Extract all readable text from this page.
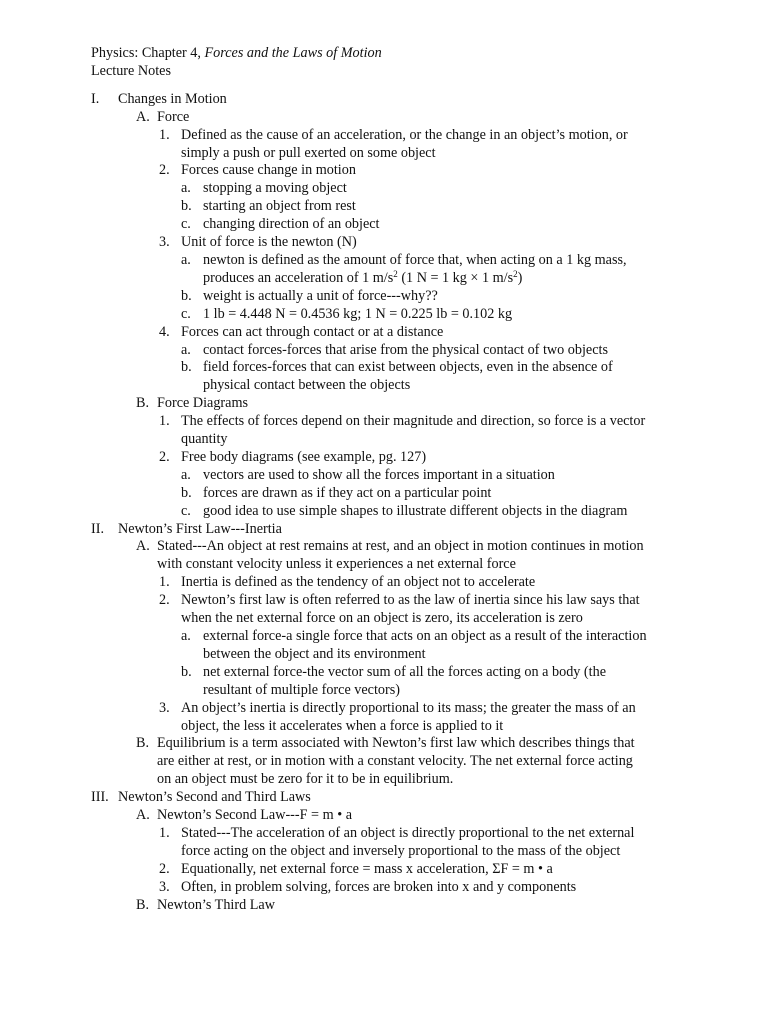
Physics: Chapter 4, Forces and the Laws of Motion
Lecture Notes
I. Changes in Motion
A. Force
1. Defined as the cause of an acceleration, or the change in an object’s motion, or
simply a push or pull exerted on some object
2. Forces cause change in motion
a. stopping a moving object
b. starting an object from rest
c. changing direction of an object
3. Unit of force is the newton (N)
a. newton is defined as the amount of force that, when acting on a 1 kg mass,
produces an acceleration of 1 $m/s^2$ (1 N = 1 kg × 1 $m/s^2$)
b. weight is actually a unit of force---why??
c. 1 lb = 4.448 N = 0.4536 kg; 1 N = 0.225 lb = 0.102 kg
4. Forces can act through contact or at a distance
a. contact forces-forces that arise from the physical contact of two objects
b. field forces-forces that can exist between objects, even in the absence of
physical contact between the objects
B. Force Diagrams
1. The effects of forces depend on their magnitude and direction, so force is a vector
quantity
2. Free body diagrams (see example, pg. 127)
a. vectors are used to show all the forces important in a situation
b. forces are drawn as if they act on a particular point
c. good idea to use simple shapes to illustrate different objects in the diagram
II. Newton’s First Law---Inertia
A. Stated---An object at rest remains at rest, and an object in motion continues in motion
with constant velocity unless it experiences a net external force
1. Inertia is defined as the tendency of an object not to accelerate
2. Newton’s first law is often referred to as the law of inertia since his law says that
when the net external force on an object is zero, its acceleration is zero
a. external force-a single force that acts on an object as a result of the interaction
between the object and its environment
b. net external force-the vector sum of all the forces acting on a body (the
resultant of multiple force vectors)
3. An object’s inertia is directly proportional to its mass; the greater the mass of an
object, the less it accelerates when a force is applied to it
B. Equilibrium is a term associated with Newton’s first law which describes things that
are either at rest, or in motion with a constant velocity. The net external force acting
on an object must be zero for it to be in equilibrium.
III. Newton’s Second and Third Laws
A. Newton’s Second Law---F = m • a
1. Stated---The acceleration of an object is directly proportional to the net external
force acting on the object and inversely proportional to the mass of the object
2. Equationally, net external force = mass x acceleration, ΣF = m • a
3. Often, in problem solving, forces are broken into x and y components
B. Newton’s Third Law
